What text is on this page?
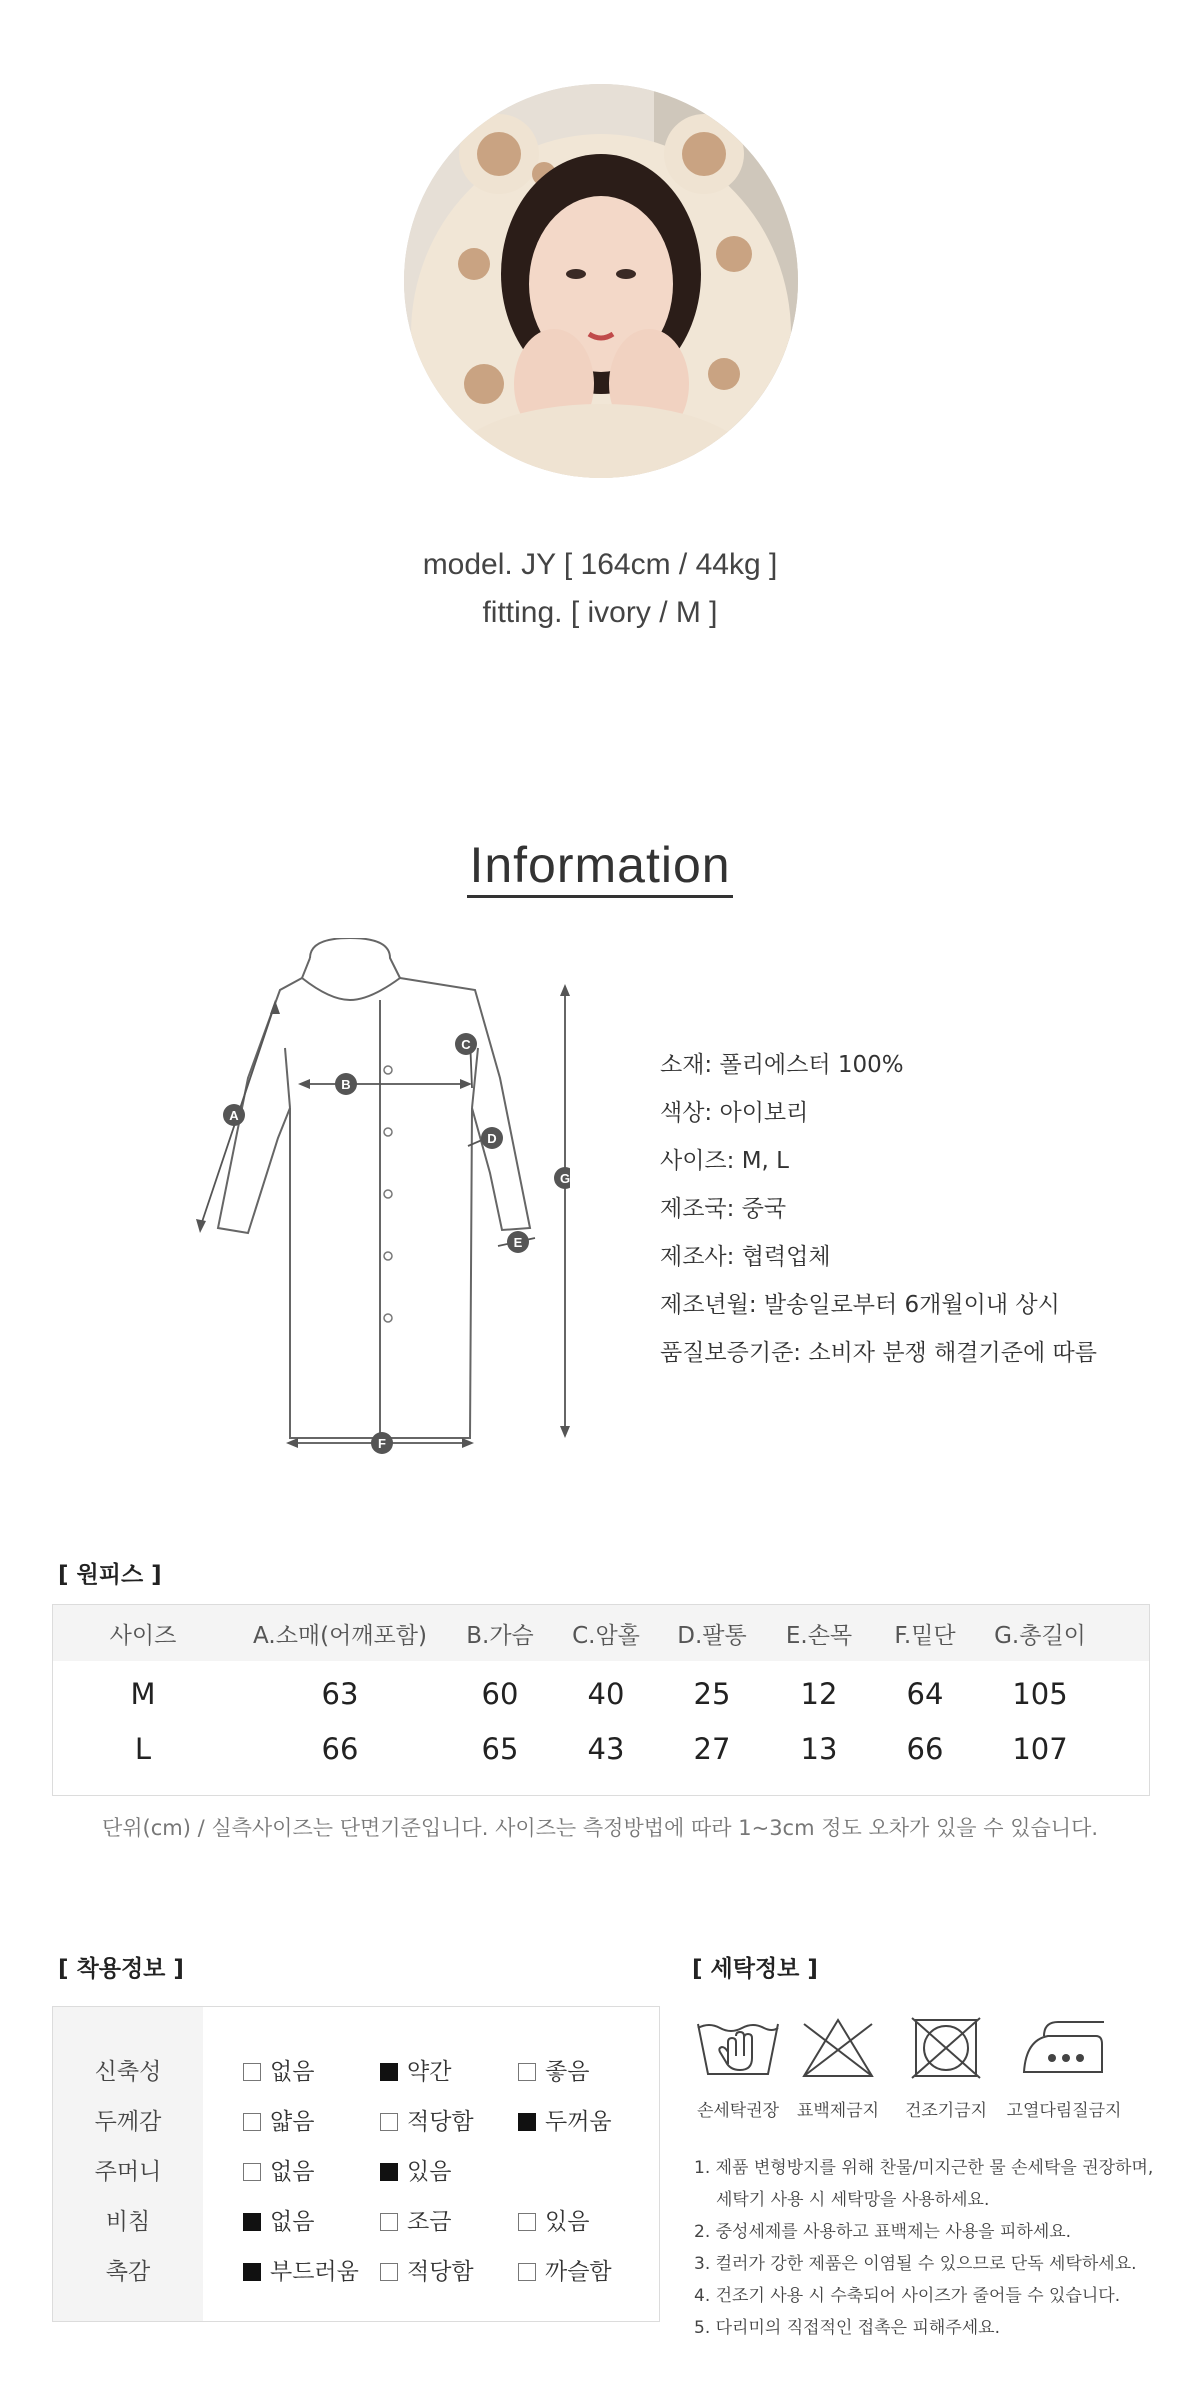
model. JY [ 164cm / 44kg ]
fitting. [ ivory / M ]
Information
A
B
C
D
E
F
G
소재: 폴리에스터 100%
색상: 아이보리
사이즈: M, L
제조국: 중국
제조사: 협력업체
제조년월: 발송일로부터 6개월이내 상시
품질보증기준: 소비자 분쟁 해결기준에 따름
[ 원피스 ]
사이즈	A.소매(어깨포함) B.가슴 C.암홀 D.팔통 E.손목 F.밑단 G.총길이
M	63	60 40 25 12 64 105
L	66	65 43 27 13 66 107
단위(cm) / 실측사이즈는 단면기준입니다. 사이즈는 측정방법에 따라 1~3cm 정도 오차가 있을 수 있습니다.
[ 착용정보 ]
신축성	없음	약간	좋음
두께감	얇음	적당함	두꺼움
주머니	없음	있음
비침	없음	조금	있음
촉감	부드러움	적당함	까슬함
[ 세탁정보 ]
손세탁권장 표백제금지 건조기금지 고열다림질금지
1. 제품 변형방지를 위해 찬물/미지근한 물 손세탁을 권장하며,
세탁기 사용 시 세탁망을 사용하세요.
2. 중성세제를 사용하고 표백제는 사용을 피하세요.
3. 컬러가 강한 제품은 이염될 수 있으므로 단독 세탁하세요.
4. 건조기 사용 시 수축되어 사이즈가 줄어들 수 있습니다.
5. 다리미의 직접적인 접촉은 피해주세요.
